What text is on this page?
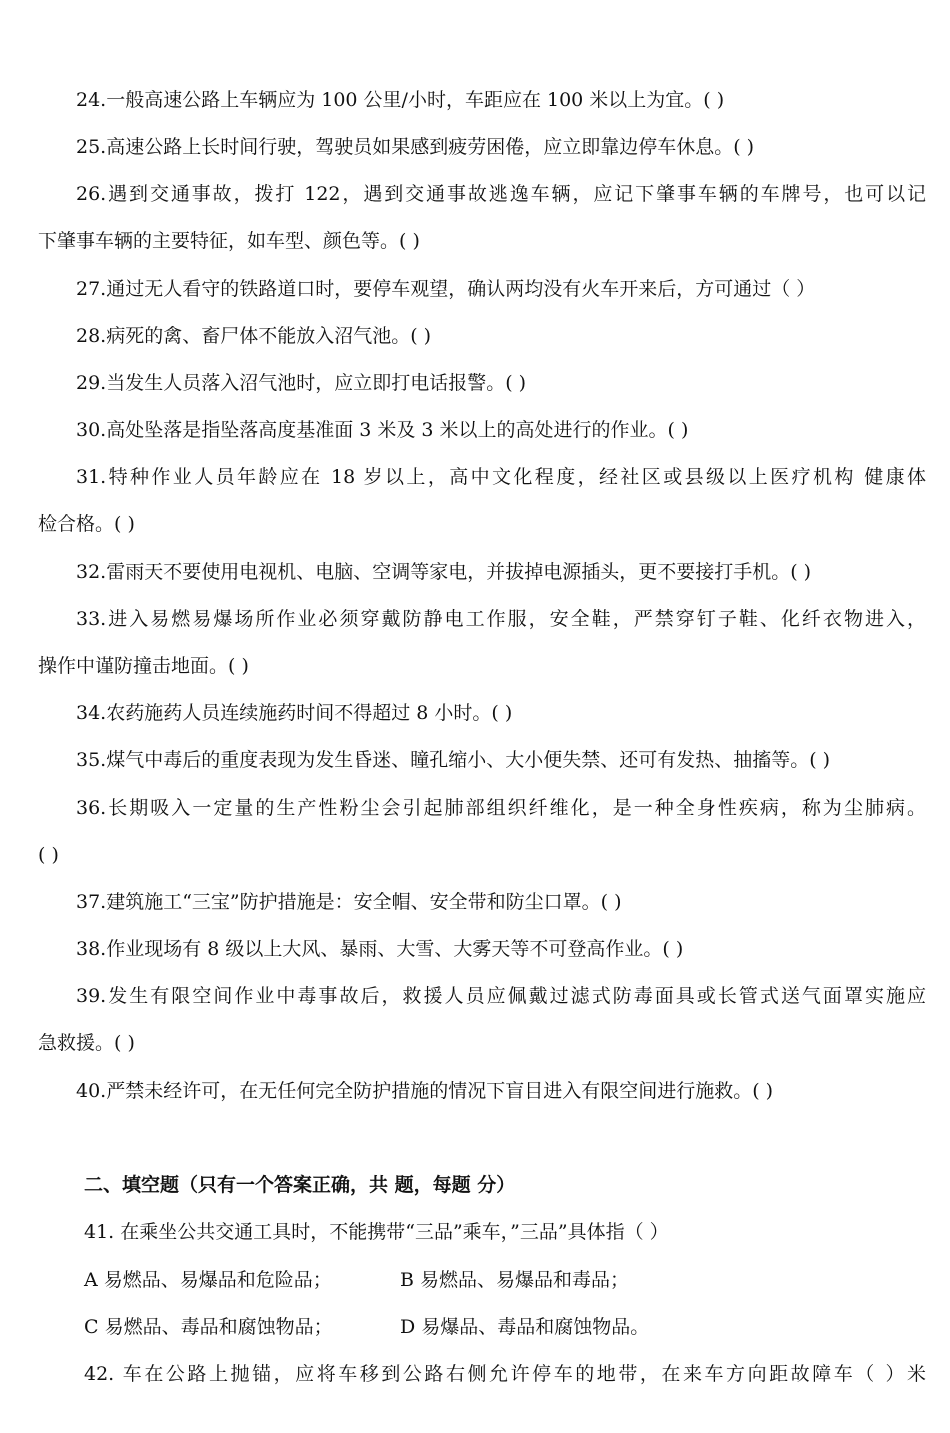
24.一般高速公路上车辆应为 100 公里/小时，车距应在 100 米以上为宜。( )
25.高速公路上长时间行驶，驾驶员如果感到疲劳困倦，应立即靠边停车休息。( )
26.遇到交通事故，拨打 122，遇到交通事故逃逸车辆，应记下肇事车辆的车牌号，也可以记
下肇事车辆的主要特征，如车型、颜色等。( )
27.通过无人看守的铁路道口时，要停车观望，确认两均没有火车开来后，方可通过（ ）
28.病死的禽、畜尸体不能放入沼气池。( )
29.当发生人员落入沼气池时，应立即打电话报警。( )
30.高处坠落是指坠落高度基准面 3 米及 3 米以上的高处进行的作业。( )
31.特种作业人员年龄应在 18 岁以上，高中文化程度，经社区或县级以上医疗机构 健康体
检合格。( )
32.雷雨天不要使用电视机、电脑、空调等家电，并拔掉电源插头，更不要接打手机。( )
33.进入易燃易爆场所作业必须穿戴防静电工作服，安全鞋，严禁穿钉子鞋、化纤衣物进入，
操作中谨防撞击地面。( )
34.农药施药人员连续施药时间不得超过 8 小时。( )
35.煤气中毒后的重度表现为发生昏迷、瞳孔缩小、大小便失禁、还可有发热、抽搐等。( )
36.长期吸入一定量的生产性粉尘会引起肺部组织纤维化，是一种全身性疾病，称为尘肺病。
( )
37.建筑施工“三宝”防护措施是：安全帽、安全带和防尘口罩。( )
38.作业现场有 8 级以上大风、暴雨、大雪、大雾天等不可登高作业。( )
39.发生有限空间作业中毒事故后，救援人员应佩戴过滤式防毒面具或长管式送气面罩实施应
急救援。( )
40.严禁未经许可，在无任何完全防护措施的情况下盲目进入有限空间进行施救。( )
二、填空题（只有一个答案正确，共 题，每题 分）
41. 在乘坐公共交通工具时，不能携带“三品”乘车，”三品”具体指（ ）
A 易燃品、易爆品和危险品；	B 易燃品、易爆品和毒品；
C 易燃品、毒品和腐蚀物品；	D 易爆品、毒品和腐蚀物品。
42. 车在公路上抛锚，应将车移到公路右侧允许停车的地带，在来车方向距故障车（ ）米
